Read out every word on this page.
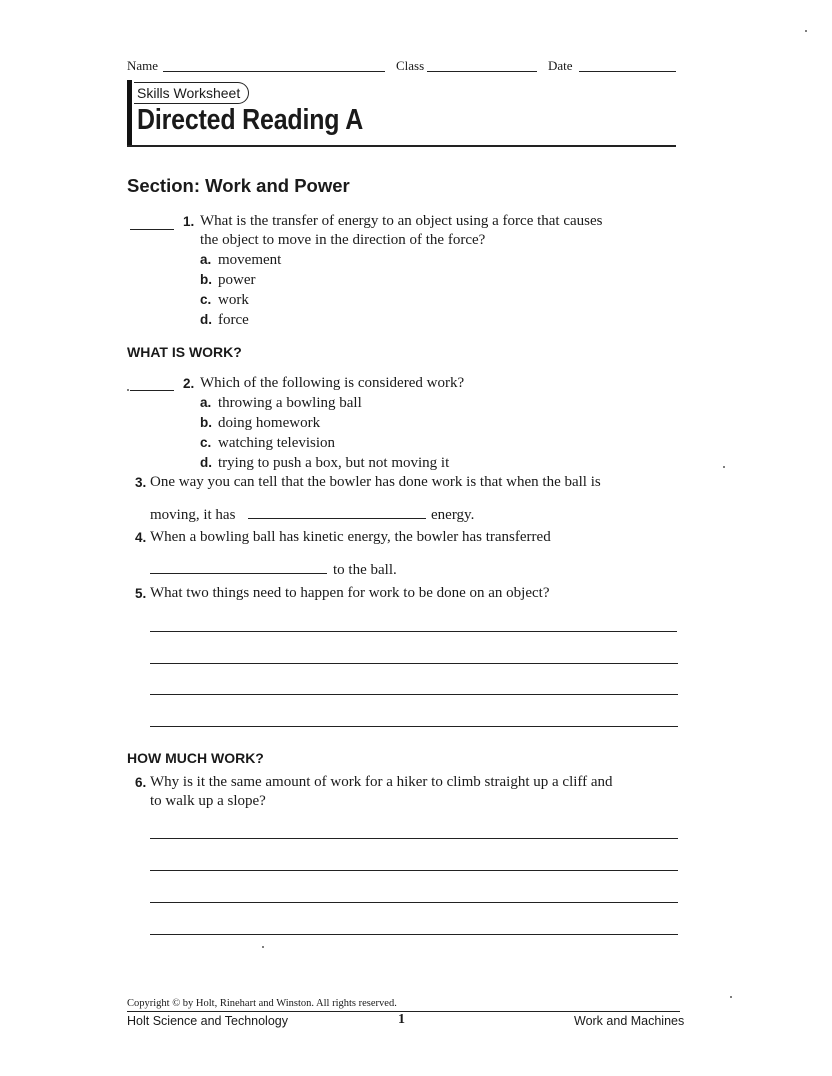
Name	Class	Date
Skills Worksheet
Directed Reading A
Section: Work and Power
1. What is the transfer of energy to an object using a force that causes
the object to move in the direction of the force?
a. movement
b. power
c. work
d. force
WHAT IS WORK?
2. Which of the following is considered work?
a. throwing a bowling ball
b. doing homework
c. watching television
d. trying to push a box, but not moving it
3. One way you can tell that the bowler has done work is that when the ball is
moving, it has	energy.
4. When a bowling ball has kinetic energy, the bowler has transferred
to the ball.
5. What two things need to happen for work to be done on an object?
HOW MUCH WORK?
6. Why is it the same amount of work for a hiker to climb straight up a cliff and
to walk up a slope?
Copyright © by Holt, Rinehart and Winston. All rights reserved.
Holt Science and Technology	1	Work and Machines
